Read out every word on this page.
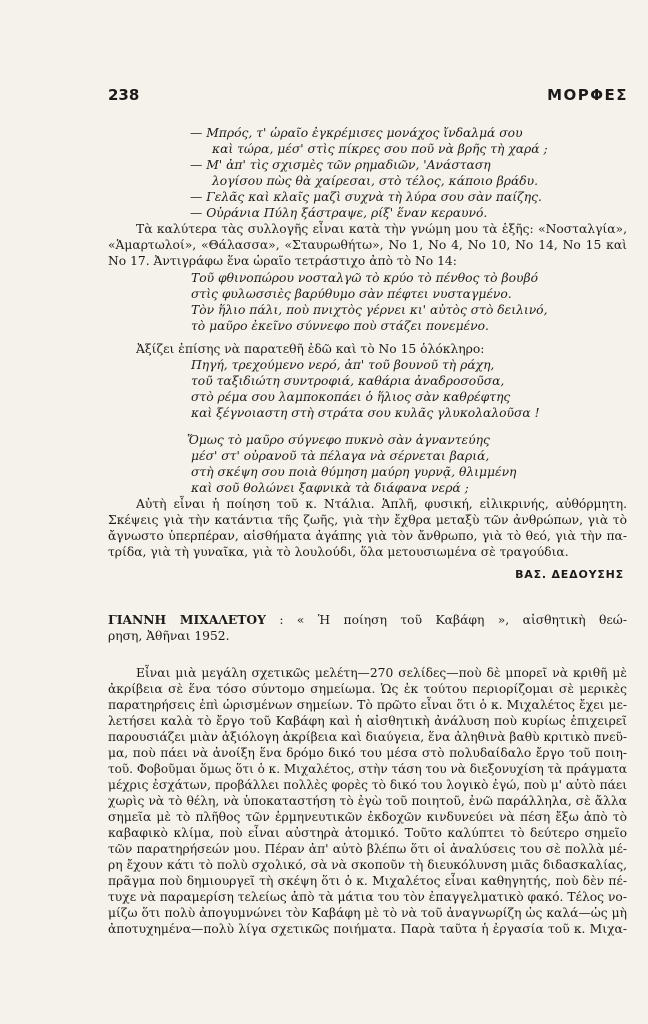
238	ΜΟΡΦΕΣ
— Μπρός, τ' ὡραῖο ἐγκρέμισες μονάχος ἴνδαλμά σου
καὶ τώρα, μέσ' στὶς πίκρες σου ποῦ νὰ βρῆς τὴ χαρά ;
— Μ' ἀπ' τὶς σχισμὲς τῶν ρημαδιῶν, 'Ανάσταση
λογίσου πὼς θὰ χαίρεσαι, στὸ τέλος, κάποιο βράδυ.
— Γελᾶς καὶ κλαῖς μαζὶ συχνὰ τὴ λύρα σου σὰν παίζης.
— Οὐράνια Πύλη ξάστραψε, ρίξ' ἕναν κεραυνό.
Τὰ καλύτερα τὰς συλλογῆς εἶναι κατὰ τὴν γνώμη μου τὰ ἑξῆς: «Νοσταλγία»,
«Ἁμαρτωλοί», «Θάλασσα», «Σταυρωθήτω», Νο 1, Νο 4, Νο 10, Νο 14, Νο 15 καὶ
Νο 17. Ἀντιγράφω ἕνα ὡραῖο τετράστιχο ἀπὸ τὸ Νο 14:
Τοῦ φθινοπώρου νοσταλγῶ τὸ κρύο τὸ πένθος τὸ βουβό
στὶς φυλωσσιὲς βαρύθυμο σὰν πέφτει νυσταγμένο.
Τὸν ἥλιο πάλι, ποὺ πνιχτὸς γέρνει κι' αὐτὸς στὸ δειλινό,
τὸ μαῦρο ἐκεῖνο σύννεφο ποὺ στάζει πονεμένο.
Ἀξίζει ἐπίσης νὰ παρατεθῆ ἐδῶ καὶ τὸ Νο 15 ὁλόκληρο:
Πηγή, τρεχούμενο νερό, ἀπ' τοῦ βουνοῦ τὴ ράχη,
τοῦ ταξιδιώτη συντροφιά, καθάρια ἀναδροσοῦσα,
στὸ ρέμα σου λαμποκοπάει ὁ ἥλιος σὰν καθρέφτης
καὶ ξέγνοιαστη στὴ στράτα σου κυλᾶς γλυκολαλοῦσα !
Ὅμως τὸ μαῦρο σύγνεφο πυκνὸ σὰν ἀγναντεύης
μέσ' στ' οὐρανοῦ τὰ πέλαγα νὰ σέρνεται βαριά,
στὴ σκέψη σου ποιὰ θύμηση μαύρη γυρνᾷ, θλιμμένη
καὶ σοῦ θολώνει ξαφνικὰ τὰ διάφανα νερά ;
Αὐτὴ εἶναι ἡ ποίηση τοῦ κ. Ντάλια. Ἁπλῆ, φυσική, εἰλικρινής, αὐθόρμητη.
Σκέψεις γιὰ τὴν κατάντια τῆς ζωῆς, γιὰ τὴν ἔχθρα μεταξὺ τῶν ἀνθρώπων, γιὰ τὸ
ἄγνωστο ὑπερπέραν, αἰσθήματα ἀγάπης γιὰ τὸν ἄνθρωπο, γιὰ τὸ θεό, γιὰ τὴν πα-
τρίδα, γιὰ τὴ γυναῖκα, γιὰ τὸ λουλούδι, ὅλα μετουσιωμένα σὲ τραγούδια.
ΒΑΣ. ΔΕΔΟΥΣΗΣ
ΓΙΑΝΝΗ ΜΙΧΑΛΕΤΟΥ : « Ἡ ποίηση τοῦ Καβάφη », αἰσθητικὴ θεώ-
ρηση, Ἀθῆναι 1952.
Εἶναι μιὰ μεγάλη σχετικῶς μελέτη—270 σελίδες—ποὺ δὲ μπορεῖ νὰ κριθῆ μὲ
ἀκρίβεια σὲ ἕνα τόσο σύντομο σημείωμα. Ὡς ἐκ τούτου περιορίζομαι σὲ μερικὲς
παρατηρήσεις ἐπὶ ὡρισμένων σημείων. Τὸ πρῶτο εἶναι ὅτι ὁ κ. Μιχαλέτος ἔχει με-
λετήσει καλὰ τὸ ἔργο τοῦ Καβάφη καὶ ἡ αἰσθητικὴ ἀνάλυση ποὺ κυρίως ἐπιχειρεῖ
παρουσιάζει μιὰν ἀξιόλογη ἀκρίβεια καὶ διαύγεια, ἕνα ἀληθινὰ βαθὺ κριτικὸ πνεῦ-
μα, ποὺ πάει νὰ ἀνοίξη ἕνα δρόμο δικό του μέσα στὸ πολυδαίδαλο ἔργο τοῦ ποιη-
τοῦ. Φοβοῦμαι ὅμως ὅτι ὁ κ. Μιχαλέτος, στὴν τάση του νὰ διεξονυχίση τὰ πράγματα
μέχρις ἐσχάτων, προβάλλει πολλὲς φορὲς τὸ δικό του λογικὸ ἐγώ, ποὺ μ' αὐτὸ πάει
χωρὶς νὰ τὸ θέλη, νὰ ὑποκαταστήση τὸ ἐγὼ τοῦ ποιητοῦ, ἐνῶ παράλληλα, σὲ ἄλλα
σημεῖα μὲ τὸ πλῆθος τῶν ἑρμηνευτικῶν ἐκδοχῶν κινδυνεύει νὰ πέση ἔξω ἀπὸ τὸ
καβαφικὸ κλίμα, ποὺ εἶναι αὐστηρὰ ἀτομικό. Τοῦτο καλύπτει τὸ δεύτερο σημεῖο
τῶν παρατηρήσεών μου. Πέραν ἀπ' αὐτὸ βλέπω ὅτι οἱ ἀναλύσεις του σὲ πολλὰ μέ-
ρη ἔχουν κάτι τὸ πολὺ σχολικό, σὰ νὰ σκοποῦν τὴ διευκόλυνση μιᾶς διδασκαλίας,
πρᾶγμα ποὺ δημιουργεῖ τὴ σκέψη ὅτι ὁ κ. Μιχαλέτος εἶναι καθηγητής, ποὺ δὲν πέ-
τυχε νὰ παραμερίση τελείως ἀπὸ τὰ μάτια του τὸν ἐπαγγελματικὸ φακό. Τέλος νο-
μίζω ὅτι πολὺ ἀπογυμνώνει τὸν Καβάφη μὲ τὸ νὰ τοῦ ἀναγνωρίζη ὡς καλά—ὡς μὴ
ἀποτυχημένα—πολὺ λίγα σχετικῶς ποιήματα. Παρὰ ταῦτα ἡ ἐργασία τοῦ κ. Μιχα-
